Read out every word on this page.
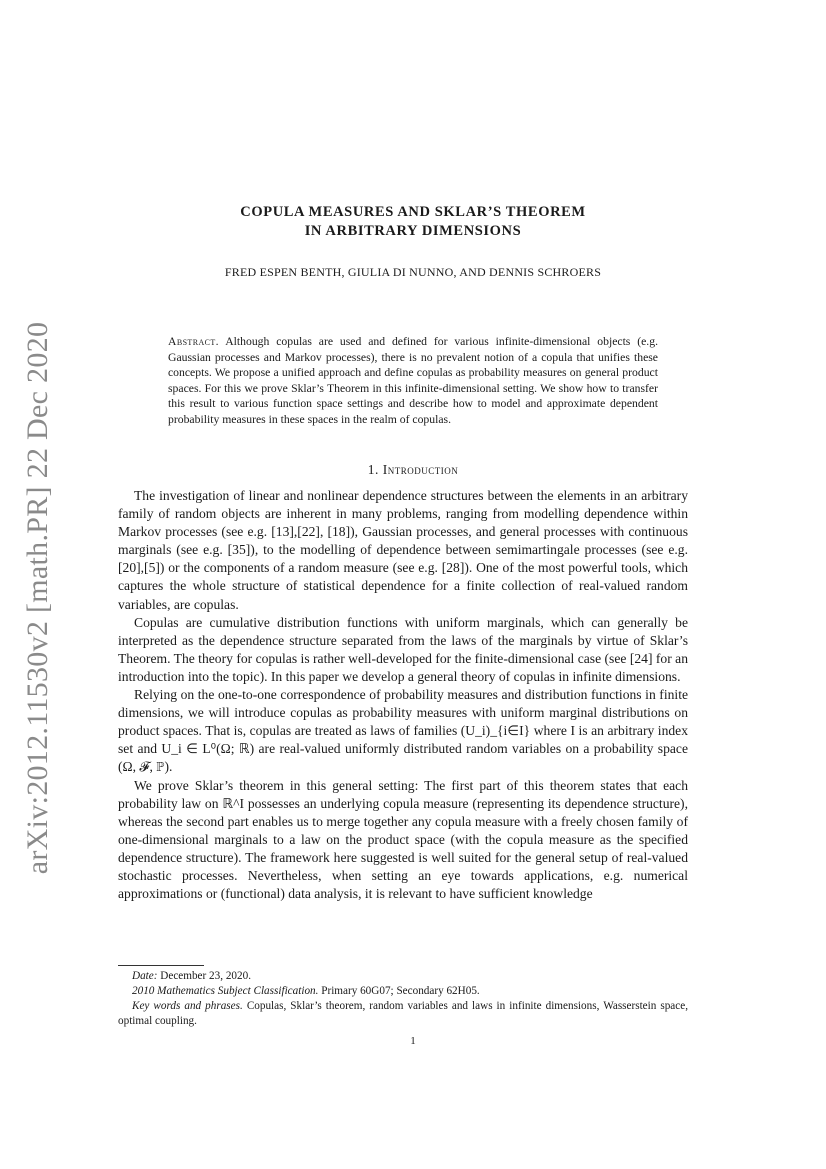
arXiv:2012.11530v2 [math.PR] 22 Dec 2020
COPULA MEASURES AND SKLAR’S THEOREM
IN ARBITRARY DIMENSIONS
FRED ESPEN BENTH, GIULIA DI NUNNO, AND DENNIS SCHROERS
Abstract. Although copulas are used and defined for various infinite-dimensional objects (e.g. Gaussian processes and Markov processes), there is no prevalent notion of a copula that unifies these concepts. We propose a unified approach and define copulas as probability measures on general product spaces. For this we prove Sklar’s Theorem in this infinite-dimensional setting. We show how to transfer this result to various function space settings and describe how to model and approximate dependent probability measures in these spaces in the realm of copulas.
1. Introduction

The investigation of linear and nonlinear dependence structures between the elements in an arbitrary family of random objects are inherent in many problems, ranging from modelling dependence within Markov processes (see e.g. [13],[22], [18]), Gaussian processes, and general processes with continuous marginals (see e.g. [35]), to the modelling of dependence between semimartingale processes (see e.g. [20],[5]) or the components of a random measure (see e.g. [28]). One of the most powerful tools, which captures the whole structure of statistical dependence for a finite collection of real-valued random variables, are copulas.

Copulas are cumulative distribution functions with uniform marginals, which can generally be interpreted as the dependence structure separated from the laws of the marginals by virtue of Sklar’s Theorem. The theory for copulas is rather well-developed for the finite-dimensional case (see [24] for an introduction into the topic). In this paper we develop a general theory of copulas in infinite dimensions.

Relying on the one-to-one correspondence of probability measures and distribution functions in finite dimensions, we will introduce copulas as probability measures with uniform marginal distributions on product spaces. That is, copulas are treated as laws of families (U_i)_{i∈I} where I is an arbitrary index set and U_i ∈ L⁰(Ω; ℝ) are real-valued uniformly distributed random variables on a probability space (Ω, 𝓕, ℙ).

We prove Sklar’s theorem in this general setting: The first part of this theorem states that each probability law on ℝ^I possesses an underlying copula measure (representing its dependence structure), whereas the second part enables us to merge together any copula measure with a freely chosen family of one-dimensional marginals to a law on the product space (with the copula measure as the specified dependence structure). The framework here suggested is well suited for the general setup of real-valued stochastic processes. Nevertheless, when setting an eye towards applications, e.g. numerical approximations or (functional) data analysis, it is relevant to have sufficient knowledge

Date: December 23, 2020.

2010 Mathematics Subject Classification. Primary 60G07; Secondary 62H05.

Key words and phrases. Copulas, Sklar’s theorem, random variables and laws in infinite dimensions, Wasserstein space, optimal coupling.

1
